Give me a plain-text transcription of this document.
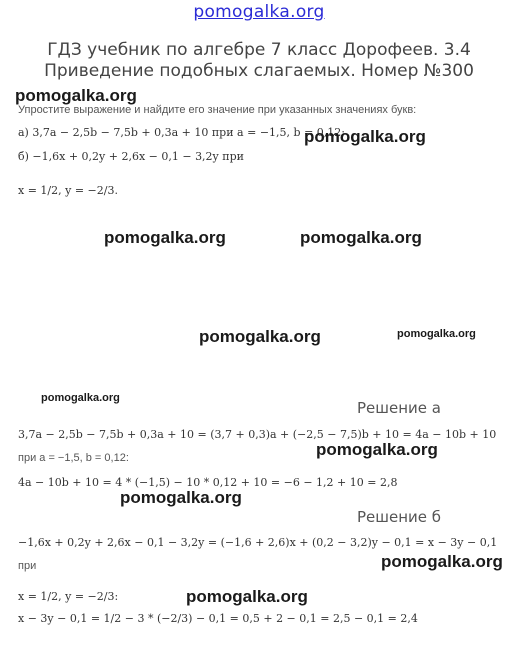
pomogalka.org
ГДЗ учебник по алгебре 7 класс Дорофеев. 3.4 Приведение подобных слагаемых. Номер №300
pomogalka.org
Упростите выражение и найдите его значение при указанных значениях букв:
а) 3,7a − 2,5b − 7,5b + 0,3a + 10 при a = −1,5, b = 0,12;
pomogalka.org
б) −1,6x + 0,2y + 2,6x − 0,1 − 3,2y при
x = 1/2, y = −2/3.
pomogalka.org	pomogalka.org
pomogalka.org	pomogalka.org
pomogalka.org
Решение а
3,7a − 2,5b − 7,5b + 0,3a + 10 = (3,7 + 0,3)a + (−2,5 − 7,5)b + 10 = 4a − 10b + 10
pomogalka.org
при a = −1,5, b = 0,12:
4a − 10b + 10 = 4 * (−1,5) − 10 * 0,12 + 10 = −6 − 1,2 + 10 = 2,8
pomogalka.org
Решение б
−1,6x + 0,2y + 2,6x − 0,1 − 3,2y = (−1,6 + 2,6)x + (0,2 − 3,2)y − 0,1 = x − 3y − 0,1
pomogalka.org
при
x = 1/2, y = −2/3:	pomogalka.org
x − 3y − 0,1 = 1/2 − 3 * (−2/3) − 0,1 = 0,5 + 2 − 0,1 = 2,5 − 0,1 = 2,4
